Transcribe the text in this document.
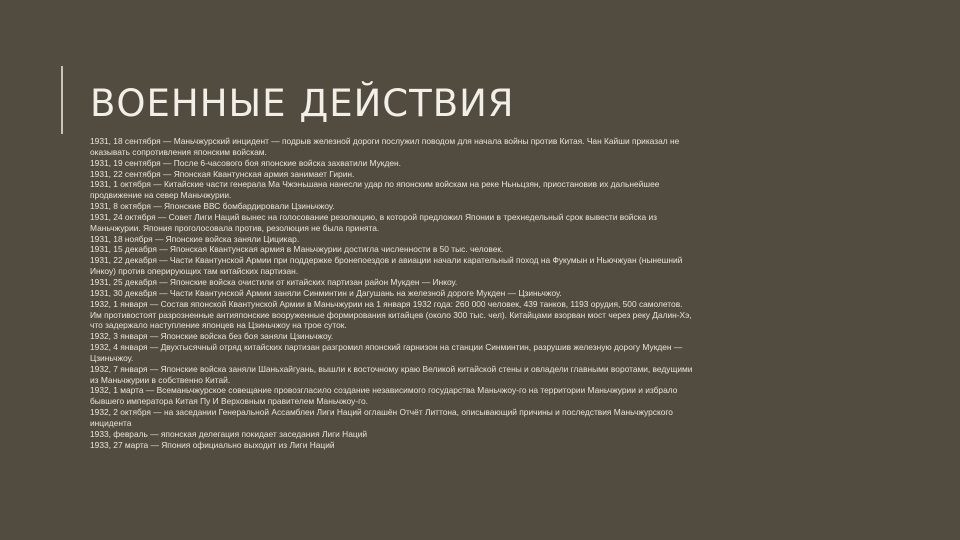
ВОЕННЫЕ ДЕЙСТВИЯ
1931, 18 сентября — Маньчжурский инцидент — подрыв железной дороги послужил поводом для начала войны против Китая. Чан Кайши приказал не оказывать сопротивления японским войскам.
1931, 19 сентября — После 6-часового боя японские войска захватили Мукден.
1931, 22 сентября — Японская Квантунская армия занимает Гирин.
1931, 1 октября — Китайские части генерала Ма Чжэньшана нанесли удар по японским войскам на реке Ньньцзян, приостановив их дальнейшее продвижение на север Маньчжурии.
1931, 8 октября — Японские ВВС бомбардировали Цзиньчжоу.
1931, 24 октября — Совет Лиги Наций вынес на голосование резолюцию, в которой предложил Японии в трехнедельный срок вывести войска из Маньчжурии. Япония проголосовала против, резолюция не была принята.
1931, 18 ноября — Японские войска заняли Цицикар.
1931, 15 декабря — Японская Квантунская армия в Маньчжурии достигла численности в 50 тыс. человек.
1931, 22 декабря — Части Квантунской Армии при поддержке бронепоездов и авиации начали карательный поход на Фукумын и Ньючжуан (нынешний Инкоу) против оперирующих там китайских партизан.
1931, 25 декабря — Японские войска очистили от китайских партизан район Мукден — Инкоу.
1931, 30 декабря — Части Квантунской Армии заняли Синминтин и Дагушань на железной дороге Мукден — Цзиньчжоу.
1932, 1 января — Состав японской Квантунской Армии в Маньчжурии на 1 января 1932 года: 260 000 человек, 439 танков, 1193 орудия, 500 самолетов. Им противостоят разрозненные антияпонские вооруженные формирования китайцев (около 300 тыс. чел). Китайцами взорван мост через реку Далин-Хэ, что задержало наступление японцев на Цзиньчжоу на трое суток.
1932, 3 января — Японские войска без боя заняли Цзиньчжоу.
1932, 4 января — Двухтысячный отряд китайских партизан разгромил японский гарнизон на станции Синминтин, разрушив железную дорогу Мукден — Цзиньчжоу.
1932, 7 января — Японские войска заняли Шаньхайгуань, вышли к восточному краю Великой китайской стены и овладели главными воротами, ведущими из Маньчжурии в собственно Китай.
1932, 1 марта — Всеманьчжурское совещание провозгласило создание независимого государства Маньчжоу-го на территории Маньчжурии и избрало бывшего императора Китая Пу И Верховным правителем Маньчжоу-го.
1932, 2 октября — на заседании Генеральной Ассамблеи Лиги Наций оглашён Отчёт Литтона, описывающий причины и последствия Маньчжурского инцидента
1933, февраль — японская делегация покидает заседания Лиги Наций
1933, 27 марта — Япония официально выходит из Лиги Наций
